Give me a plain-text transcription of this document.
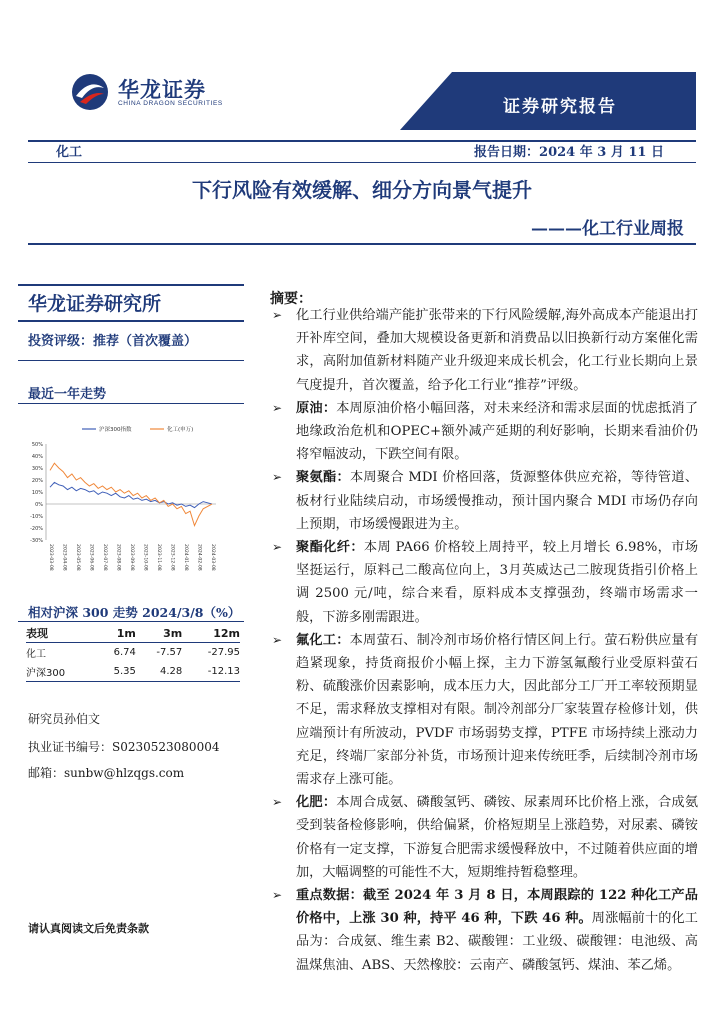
华龙证券
CHINA DRAGON SECURITIES	证券研究报告
化工	报告日期：2024 年 3 月 11 日
下行风险有效缓解、细分方向景气提升
———化工行业周报
华龙证券研究所
投资评级：推荐（首次覆盖）
最近一年走势
50%
40%
30%
20%
10%
0%
-10%
-20%
-30%
2023-03-08 2023-04-08 2023-05-08 2023-06-08 2023-07-08 2023-08-08 2023-09-08 2023-10-08 2023-11-08 2023-12-08 2024-01-08 2024-02-08 2024-03-08
沪深300指数	化工(申万)
相对沪深 300 走势 2024/3/8（%）
表现	1m	3m	12m
化工	6.74	-7.57	-27.95
沪深300	5.35	4.28	-12.13
研究员孙伯文
执业证书编号：S0230523080004
邮箱：sunbw@hlzqgs.com
请认真阅读文后免责条款
摘要：

➢ 化工行业供给端产能扩张带来的下行风险缓解,海外高成本产能退出打开补库空间，叠加大规模设备更新和消费品以旧换新行动方案催化需求，高附加值新材料随产业升级迎来成长机会，化工行业长期向上景气度提升，首次覆盖，给予化工行业“推荐”评级。

➢ 原油：本周原油价格小幅回落，对未来经济和需求层面的忧虑抵消了地缘政治危机和OPEC+额外减产延期的利好影响，长期来看油价仍将窄幅波动，下跌空间有限。

➢ 聚氨酯：本周聚合 MDI 价格回落，货源整体供应充裕，等待管道、板材行业陆续启动，市场缓慢推动，预计国内聚合 MDI 市场仍存向上预期，市场缓慢跟进为主。

➢ 聚酯化纤：本周 PA66 价格较上周持平，较上月增长 6.98%，市场坚挺运行，原料己二酸高位向上，3月英威达己二胺现货指引价格上调 2500 元/吨，综合来看，原料成本支撑强劲，终端市场需求一般，下游多刚需跟进。

➢ 氟化工：本周萤石、制冷剂市场价格行情区间上行。萤石粉供应量有趋紧现象，持货商报价小幅上探，主力下游氢氟酸行业受原料萤石粉、硫酸涨价因素影响，成本压力大，因此部分工厂开工率较预期显不足，需求释放支撑相对有限。制冷剂部分厂家装置存检修计划，供应端预计有所波动，PVDF 市场弱势支撑，PTFE 市场持续上涨动力充足，终端厂家部分补货，市场预计迎来传统旺季，后续制冷剂市场需求存上涨可能。

➢ 化肥：本周合成氨、磷酸氢钙、磷铵、尿素周环比价格上涨，合成氨受到装备检修影响，供给偏紧，价格短期呈上涨趋势，对尿素、磷铵价格有一定支撑，下游复合肥需求缓慢释放中，不过随着供应面的增加，大幅调整的可能性不大，短期维持暂稳整理。

➢ 重点数据：截至 2024 年 3 月 8 日，本周跟踪的 122 种化工产品价格中，上涨 30 种，持平 46 种，下跌 46 种。周涨幅前十的化工品为：合成氨、维生素 B2、碳酸锂：工业级、碳酸锂：电池级、高温煤焦油、ABS、天然橡胶：云南产、磷酸氢钙、煤油、苯乙烯。
